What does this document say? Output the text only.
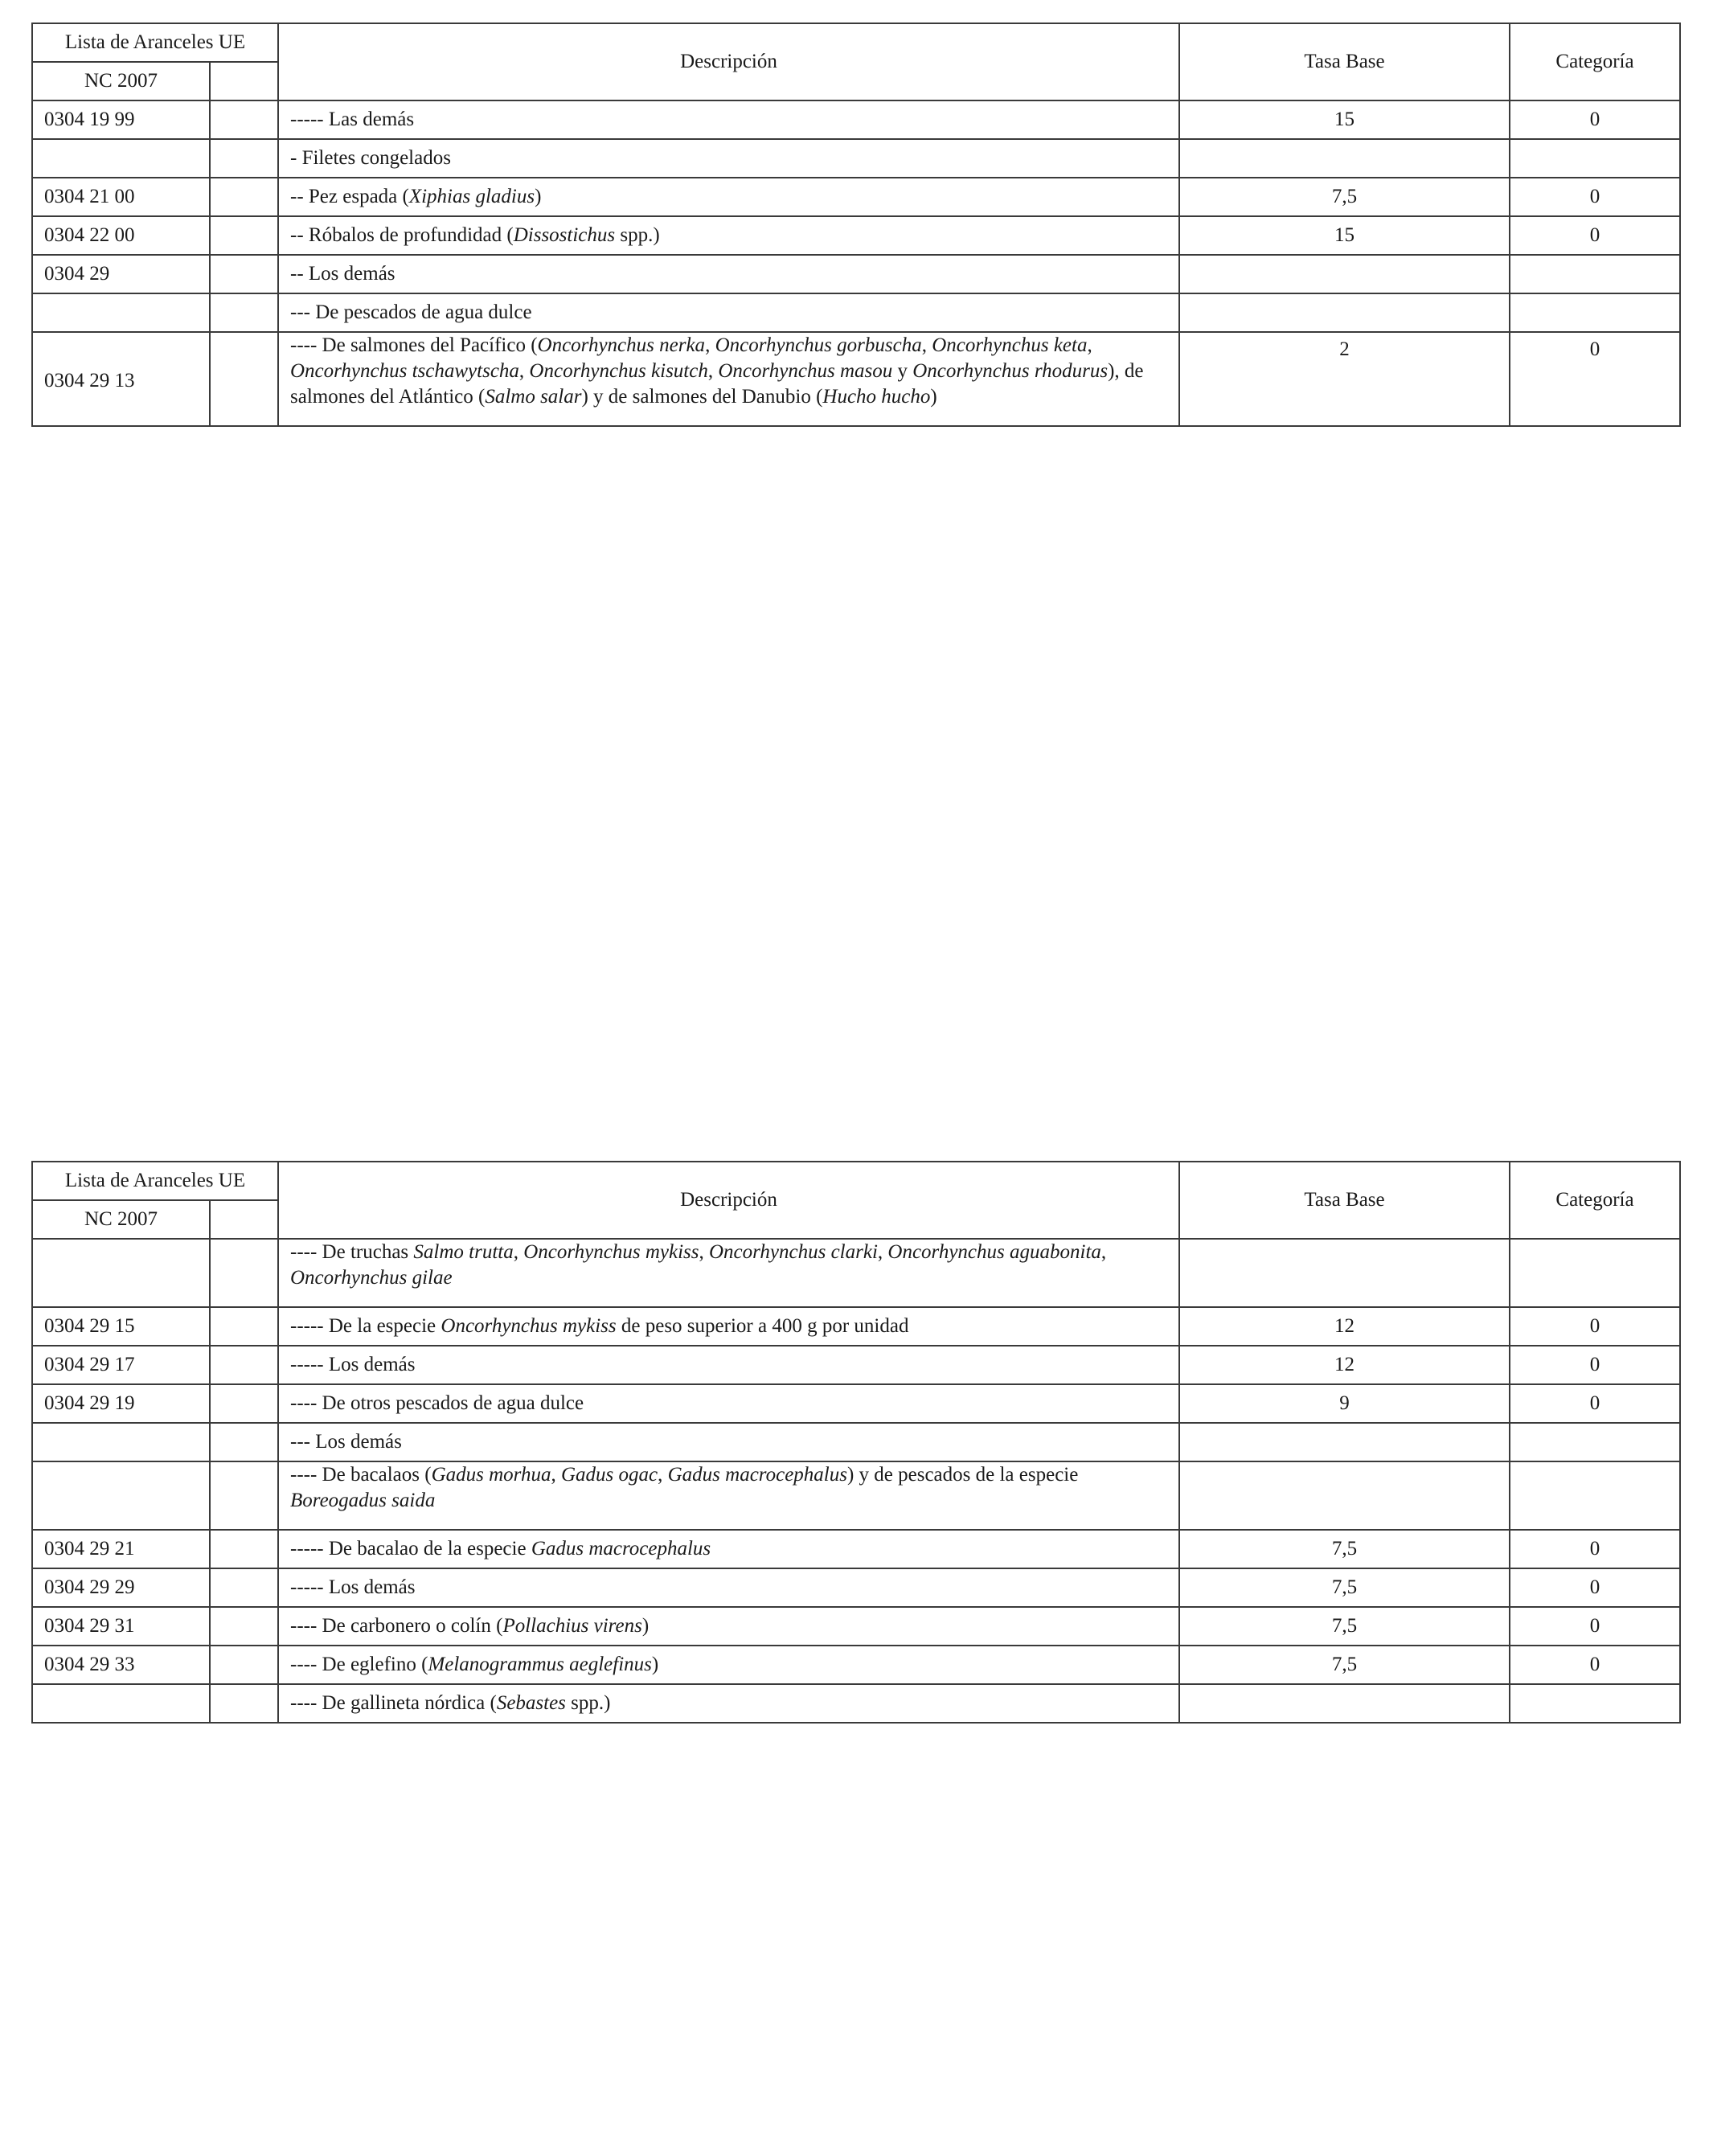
Lista de Aranceles UE		Descripción	Tasa Base	Categoría
NC 2007				
0304 19 99		----- Las demás	15	0
		- Filetes congelados		
0304 21 00		-- Pez espada (Xiphias gladius)	7,5	0
0304 22 00		-- Róbalos de profundidad (Dissostichus spp.)	15	0
0304 29		-- Los demás		
		--- De pescados de agua dulce		
0304 29 13		---- De salmones del Pacífico (Oncorhynchus nerka, Oncorhynchus gorbuscha, Oncorhynchus keta, Oncorhynchus tschawytscha, Oncorhynchus kisutch, Oncorhynchus masou y Oncorhynchus rhodurus), de salmones del Atlántico (Salmo salar) y de salmones del Danubio (Hucho hucho)	2	0
Lista de Aranceles UE		Descripción	Tasa Base	Categoría
NC 2007				
		---- De truchas Salmo trutta, Oncorhynchus mykiss, Oncorhynchus clarki, Oncorhynchus aguabonita, Oncorhynchus gilae		
0304 29 15		----- De la especie Oncorhynchus mykiss de peso superior a 400 g por unidad	12	0
0304 29 17		----- Los demás	12	0
0304 29 19		---- De otros pescados de agua dulce	9	0
		--- Los demás		
		---- De bacalaos (Gadus morhua, Gadus ogac, Gadus macrocephalus) y de pescados de la especie Boreogadus saida		
0304 29 21		----- De bacalao de la especie Gadus macrocephalus	7,5	0
0304 29 29		----- Los demás	7,5	0
0304 29 31		---- De carbonero o colín (Pollachius virens)	7,5	0
0304 29 33		---- De eglefino (Melanogrammus aeglefinus)	7,5	0
		---- De gallineta nórdica (Sebastes spp.)		
